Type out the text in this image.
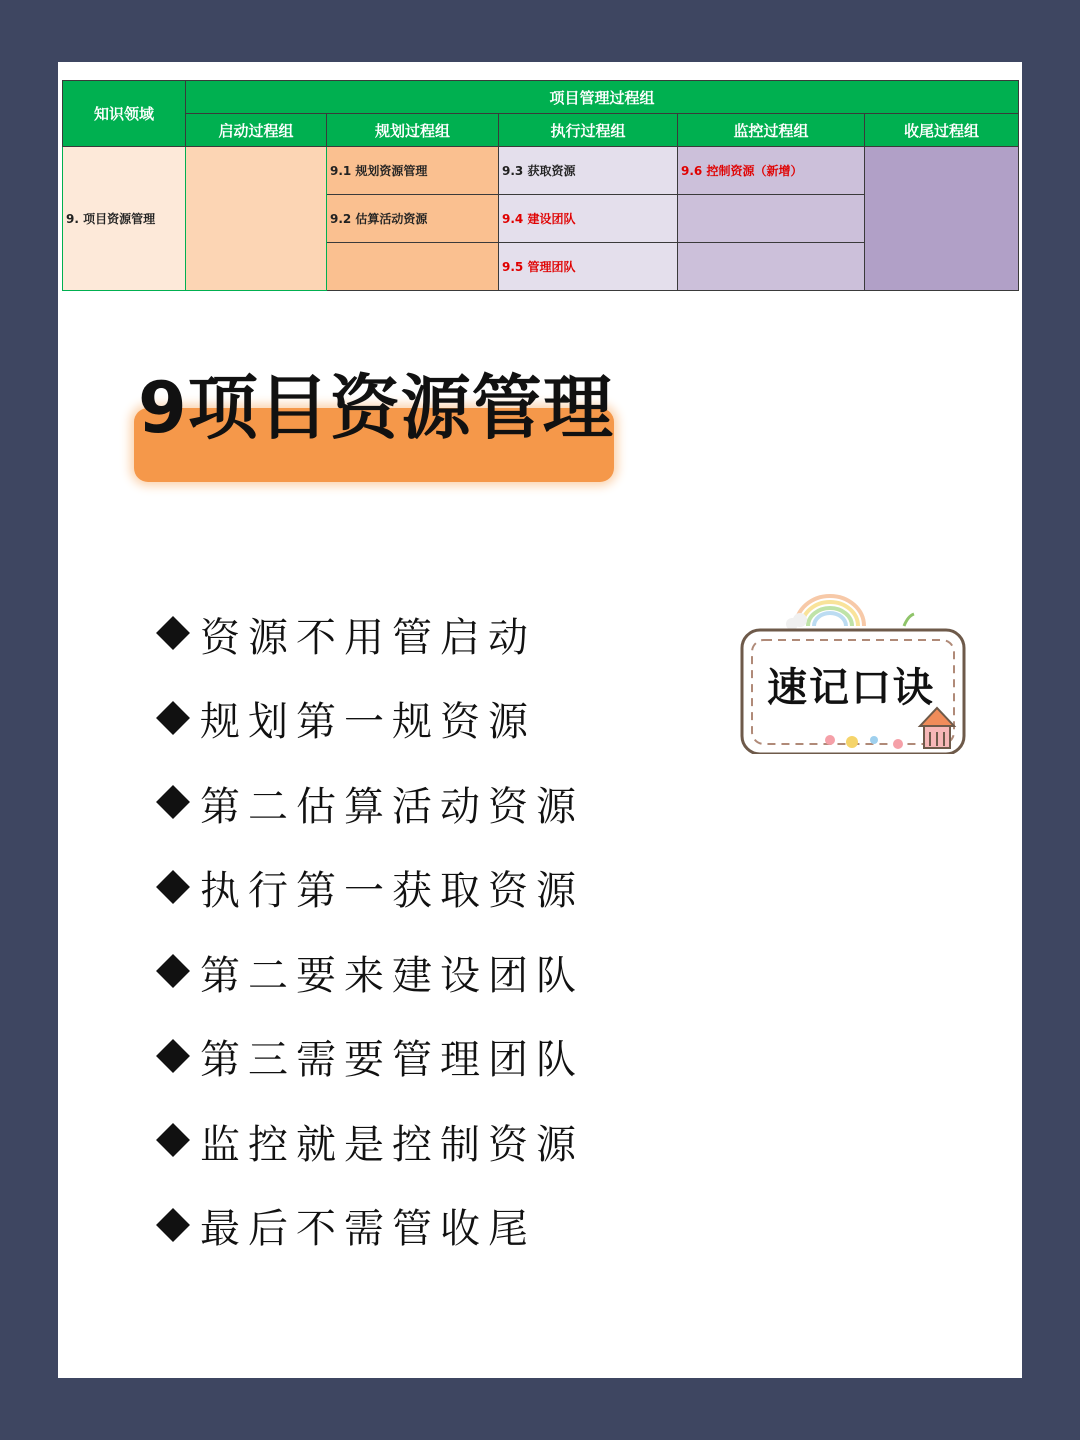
知识领域	项目管理过程组				
	启动过程组	规划过程组	执行过程组	监控过程组	收尾过程组
9. 项目资源管理		9.1 规划资源管理	9.3 获取资源	9.6 控制资源（新增）	
		9.2 估算活动资源	9.4 建设团队		
			9.5 管理团队		
9项目资源管理
资源不用管启动
规划第一规资源
第二估算活动资源
执行第一获取资源
第二要来建设团队
第三需要管理团队
监控就是控制资源
最后不需管收尾
速记口诀
